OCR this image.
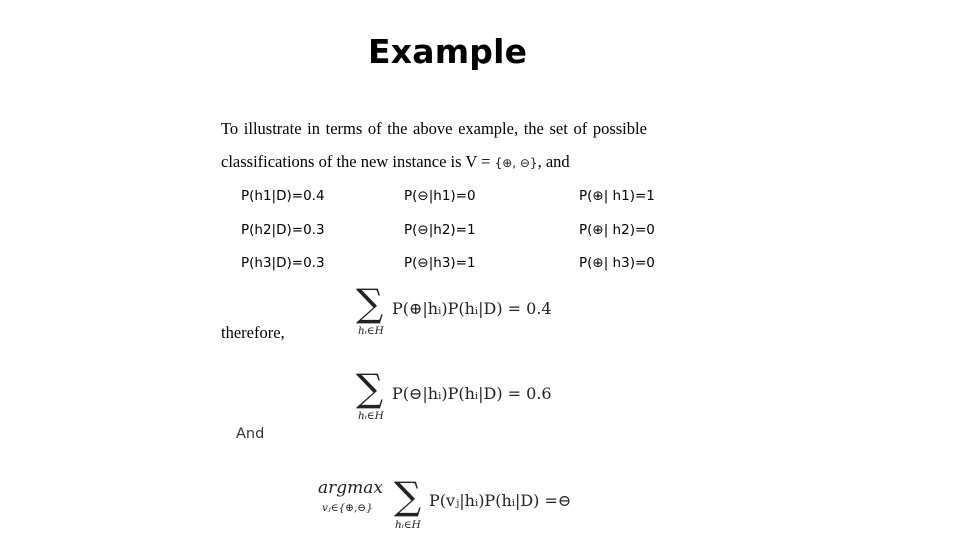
Example
To illustrate in terms of the above example, the set of possible
classifications of the new instance is V = {⊕, ⊖}, and
P(h1|D)=0.4	P(⊖|h1)=0	P(⊕| h1)=1
P(h2|D)=0.3	P(⊖|h2)=1	P(⊕| h2)=0
P(h3|D)=0.3	P(⊖|h3)=1	P(⊕| h3)=0
therefore,
∑
hᵢ∈H
P(⊕|hᵢ)P(hᵢ|D) = 0.4
∑
hᵢ∈H
P(⊖|hᵢ)P(hᵢ|D) = 0.6
And
argmax
vⱼ∈{⊕,⊖} ∑
hᵢ∈H
P(vⱼ|hᵢ)P(hᵢ|D) =⊖
